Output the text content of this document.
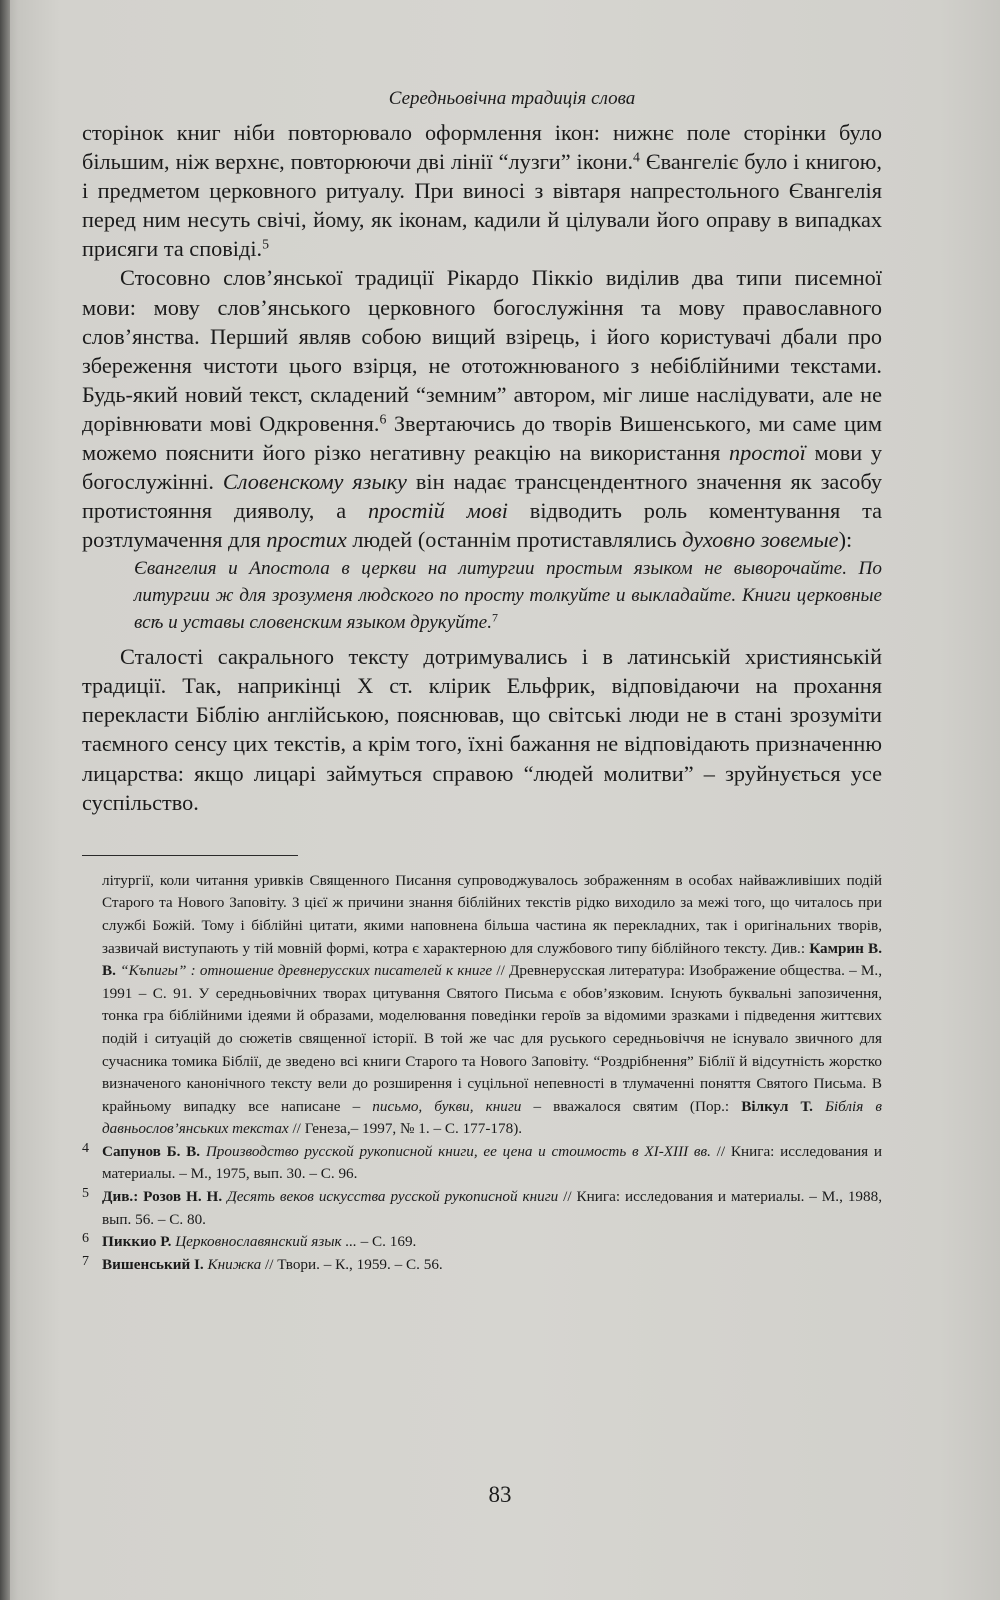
Середньовічна традиція слова

сторінок книг ніби повторювало оформлення ікон: нижнє поле сторінки було більшим, ніж верхнє, повторюючи дві лінії “лузги” ікони.$^4$ Євангеліє було і книгою, і предметом церковного ритуалу. При виносі з вівтаря напрестольного Євангелія перед ним несуть свічі, йому, як іконам, кадили й цілували його оправу в випадках присяги та сповіді.$^5$

Стосовно слов’янської традиції Рікардо Піккіо виділив два типи писемної мови: мову слов’янського церковного богослужіння та мову православного слов’янства. Перший являв собою вищий взірець, і його користувачі дбали про збереження чистоти цього взірця, не ототожнюваного з небіблійними текстами. Будь-який новий текст, складений “земним” автором, міг лише наслідувати, але не дорівнювати мові Одкровення.$^6$ Звертаючись до творів Вишенського, ми саме цим можемо пояснити його різко негативну реакцію на використання простої мови у богослужінні. Словенскому языку він надає трансцендентного значення як засобу протистояння дияволу, а простій мові відводить роль коментування та розтлумачення для простих людей (останнім протиставлялись духовно зовемые):

Євангелия и Апостола в церкви на литургии простым языком не выворочайте. По литургии ж для зрозуменя людского по просту толкуйте и выкладайте. Книги церковные всѣ и уставы словенским языком друкуйте.$^7$

Сталості сакрального тексту дотримувались і в латинській християнській традиції. Так, наприкінці X ст. клірик Ельфрик, відповідаючи на прохання перекласти Біблію англійською, пояснював, що світські люди не в стані зрозуміти таємного сенсу цих текстів, а крім того, їхні бажання не відповідають призначенню лицарства: якщо лицарі займуться справою “людей молитви” – зруйнується усе суспільство.

літургії, коли читання уривків Священного Писання супроводжувалось зображенням в особах найважливіших подій Старого та Нового Заповіту. З цієї ж причини знання біблійних текстів рідко виходило за межі того, що читалось при службі Божій. Тому і біблійні цитати, якими наповнена більша частина як перекладних, так і оригінальних творів, зазвичай виступають у тій мовній формі, котра є характерною для службового типу біблійного тексту. Див.: Камрин В. В. “Къпигы” : отношение древнерусских писателей к книге // Древнерусская литература: Изображение общества. – М., 1991 – С. 91. У середньовічних творах цитування Святого Письма є обов’язковим. Існують буквальні запозичення, тонка гра біблійними ідеями й образами, моделювання поведінки героїв за відомими зразками і підведення життєвих подій і ситуацій до сюжетів священної історії. В той же час для руського середньовіччя не існувало звичного для сучасника томика Біблії, де зведено всі книги Старого та Нового Заповіту. “Роздрібнення” Біблії й відсутність жорстко визначеного канонічного тексту вели до розширення і суцільної непевності в тлумаченні поняття Святого Письма. В крайньому випадку все написане – письмо, букви, книги – вважалося святим (Пор.: Вілкул Т. Біблія в давньослов’янських текстах // Генеза,– 1997, № 1. – С. 177-178).
4 Сапунов Б. В. Производство русской рукописной книги, ее цена и стоимость в XI-XIII вв. // Книга: исследования и материалы. – М., 1975, вып. 30. – С. 96.
5 Див.: Розов Н. Н. Десять веков искусства русской рукописной книги // Книга: исследования и материалы. – М., 1988, вып. 56. – С. 80.
6 Пиккио Р. Церковнославянский язык ... – С. 169.
7 Вишенський І. Книжка // Твори. – К., 1959. – С. 56.
83
